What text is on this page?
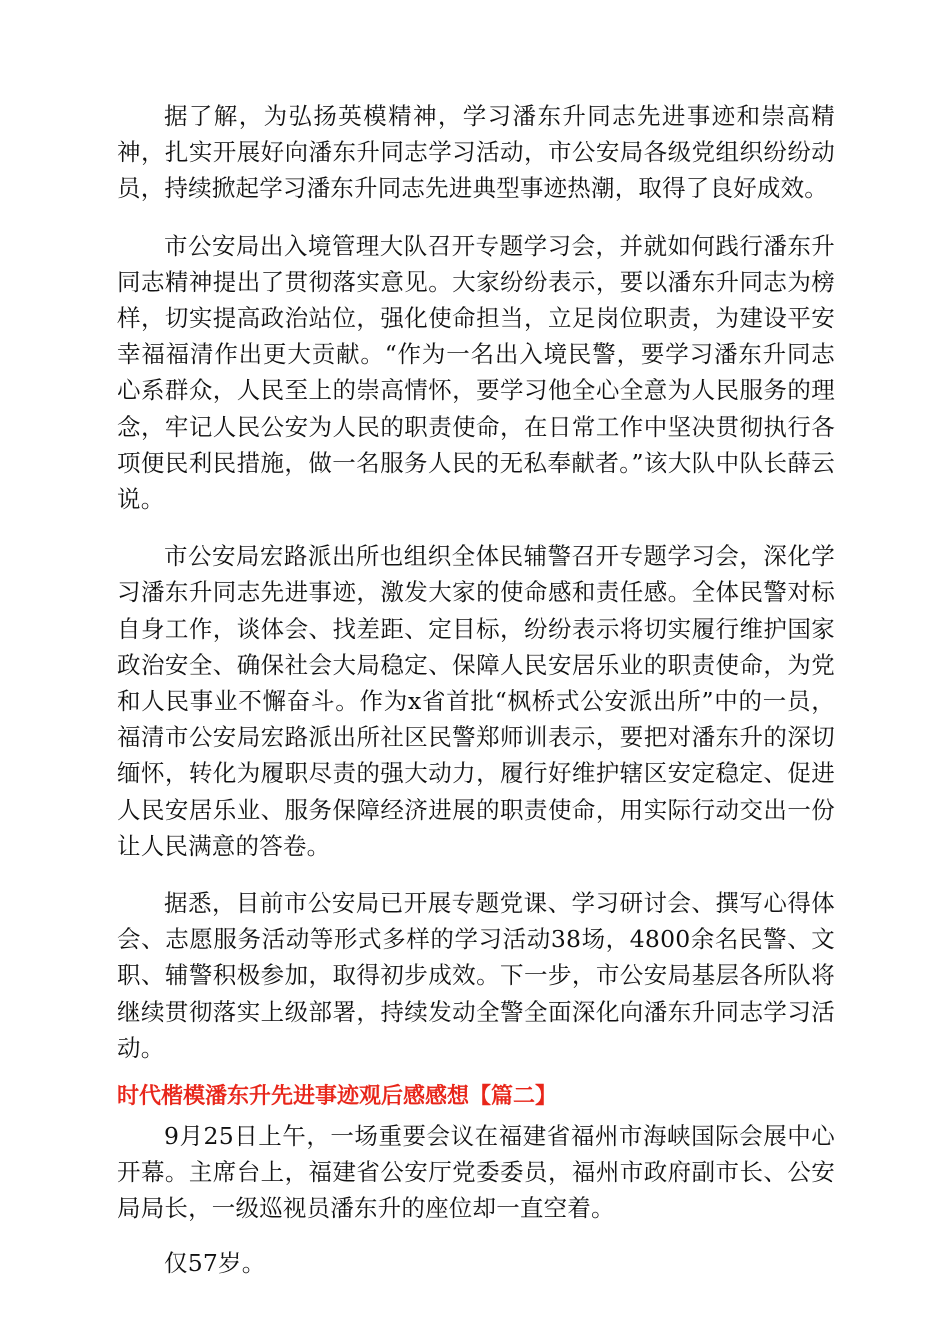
据了解，为弘扬英模精神，学习潘东升同志先进事迹和崇高精神，扎实开展好向潘东升同志学习活动，市公安局各级党组织纷纷动员，持续掀起学习潘东升同志先进典型事迹热潮，取得了良好成效。

市公安局出入境管理大队召开专题学习会，并就如何践行潘东升同志精神提出了贯彻落实意见。大家纷纷表示，要以潘东升同志为榜样，切实提高政治站位，强化使命担当，立足岗位职责，为建设平安幸福福清作出更大贡献。“作为一名出入境民警，要学习潘东升同志心系群众，人民至上的崇高情怀，要学习他全心全意为人民服务的理念，牢记人民公安为人民的职责使命，在日常工作中坚决贯彻执行各项便民利民措施，做一名服务人民的无私奉献者。”该大队中队长薛云说。

市公安局宏路派出所也组织全体民辅警召开专题学习会，深化学习潘东升同志先进事迹，激发大家的使命感和责任感。全体民警对标自身工作，谈体会、找差距、定目标，纷纷表示将切实履行维护国家政治安全、确保社会大局稳定、保障人民安居乐业的职责使命，为党和人民事业不懈奋斗。作为x省首批“枫桥式公安派出所”中的一员，福清市公安局宏路派出所社区民警郑师训表示，要把对潘东升的深切缅怀，转化为履职尽责的强大动力，履行好维护辖区安定稳定、促进人民安居乐业、服务保障经济进展的职责使命，用实际行动交出一份让人民满意的答卷。

据悉，目前市公安局已开展专题党课、学习研讨会、撰写心得体会、志愿服务活动等形式多样的学习活动38场，4800余名民警、文职、辅警积极参加，取得初步成效。下一步，市公安局基层各所队将继续贯彻落实上级部署，持续发动全警全面深化向潘东升同志学习活动。

时代楷模潘东升先进事迹观后感感想【篇二】

9月25日上午，一场重要会议在福建省福州市海峡国际会展中心开幕。主席台上，福建省公安厅党委委员，福州市政府副市长、公安局局长，一级巡视员潘东升的座位却一直空着。

仅57岁。
